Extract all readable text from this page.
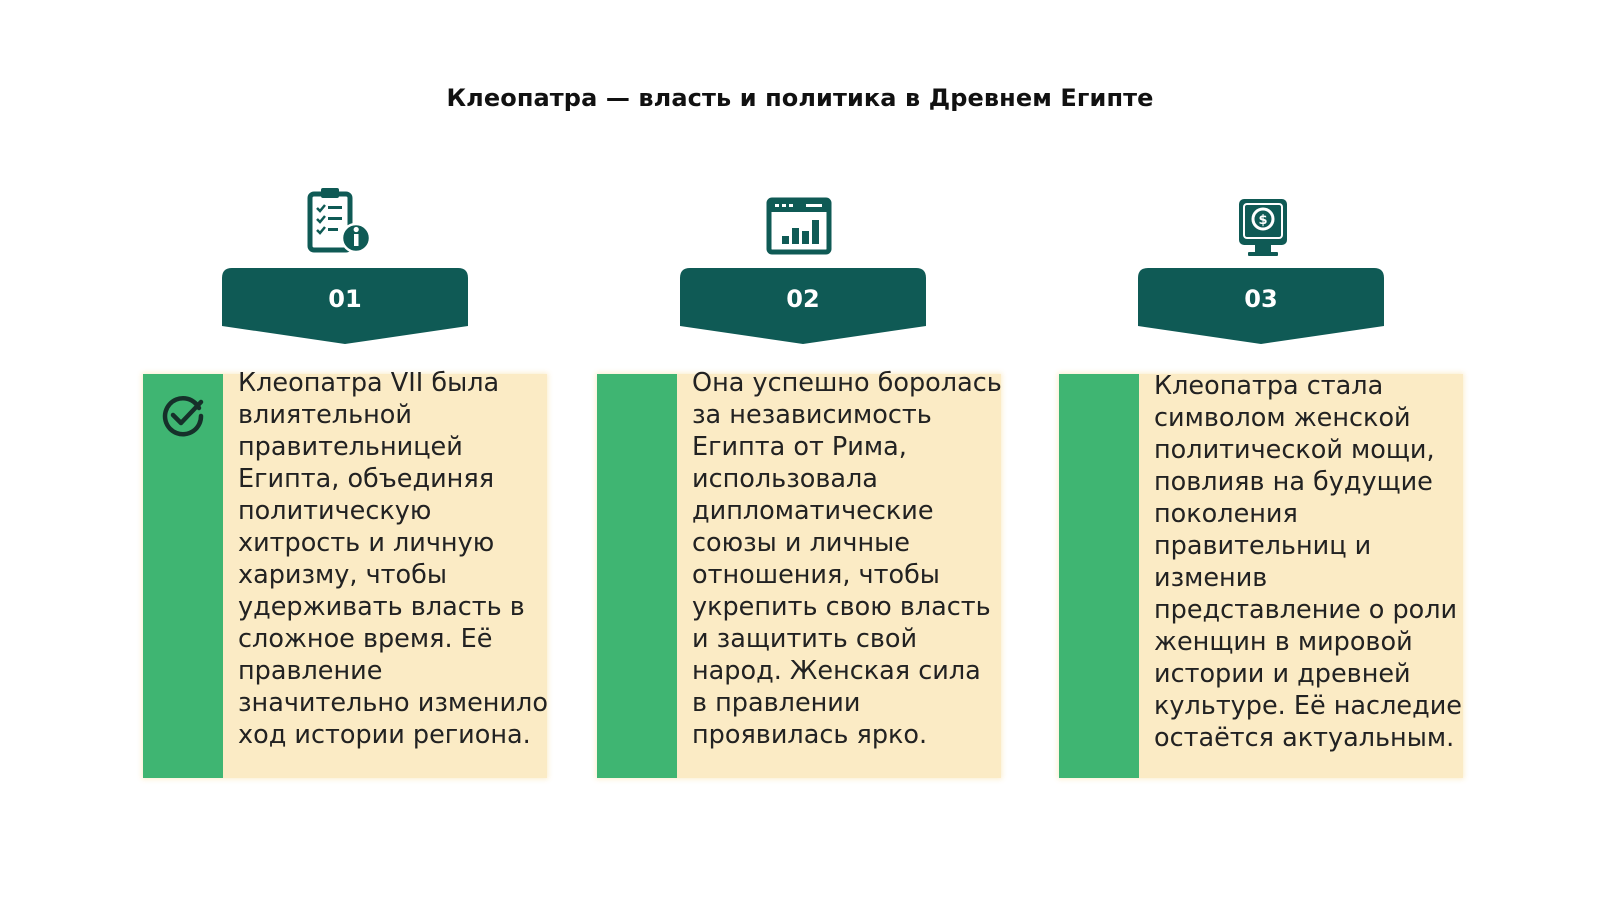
Клеопатра — власть и политика в Древнем Египте
01
Клеопатра VII была влиятельной правительницей Египта, объединяя политическую хитрость и личную харизму, чтобы удерживать власть в сложное время. Её правление значительно изменило ход истории региона.
02
Она успешно боролась за независимость Египта от Рима, использовала дипломатические союзы и личные отношения, чтобы укрепить свою власть и защитить свой народ. Женская сила в правлении проявилась ярко.
$
03
Клеопатра стала символом женской политической мощи, повлияв на будущие поколения правительниц и изменив представление о роли женщин в мировой истории и древней культуре. Её наследие остаётся актуальным.
